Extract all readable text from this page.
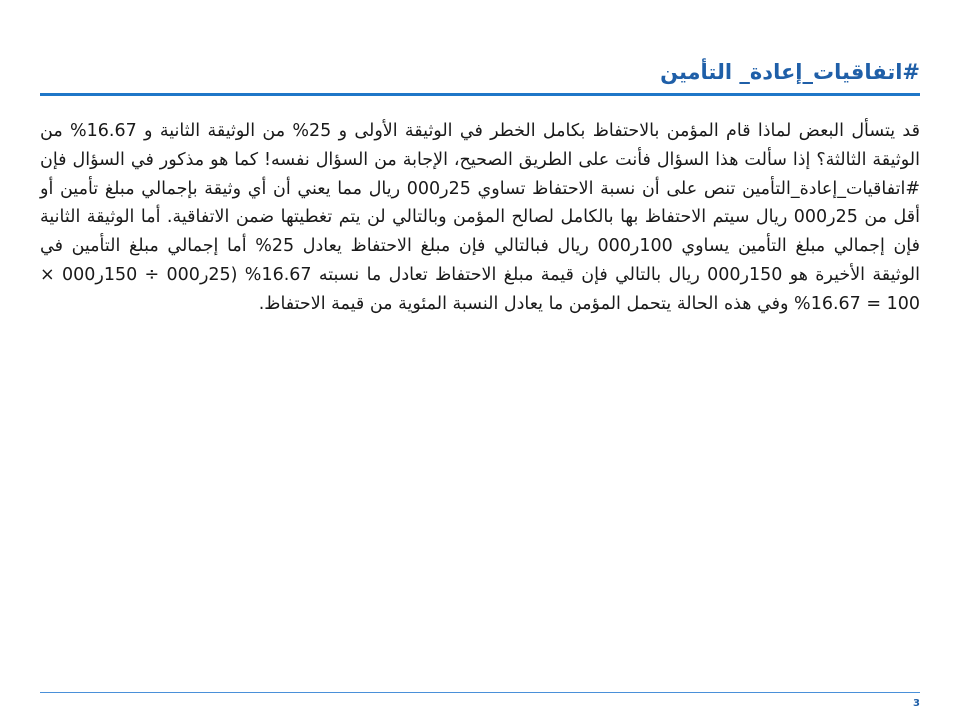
#اتفاقيات_إعادة_ التأمين
قد يتسأل البعض لماذا قام المؤمن بالاحتفاظ بكامل الخطر في الوثيقة الأولى و 25% من الوثيقة الثانية و 16.67% من الوثيقة الثالثة؟ إذا سألت هذا السؤال فأنت على الطريق الصحيح، الإجابة من السؤال نفسه! كما هو مذكور في السؤال فإن #اتفاقيات_إعادة_التأمين تنص على أن نسبة الاحتفاظ تساوي 25ر000 ريال مما يعني أن أي وثيقة بإجمالي مبلغ تأمين أو أقل من 25ر000 ريال سيتم الاحتفاظ بها بالكامل لصالح المؤمن وبالتالي لن يتم تغطيتها ضمن الاتفاقية. أما الوثيقة الثانية فإن إجمالي مبلغ التأمين يساوي 100ر000 ريال فبالتالي فإن مبلغ الاحتفاظ يعادل 25% أما إجمالي مبلغ التأمين في الوثيقة الأخيرة هو 150ر000 ريال بالتالي فإن قيمة مبلغ الاحتفاظ تعادل ما نسبته 16.67% (25ر000 ÷ 150ر000 × 100 = 16.67% وفي هذه الحالة يتحمل المؤمن ما يعادل النسبة المئوية من قيمة الاحتفاظ.
3
